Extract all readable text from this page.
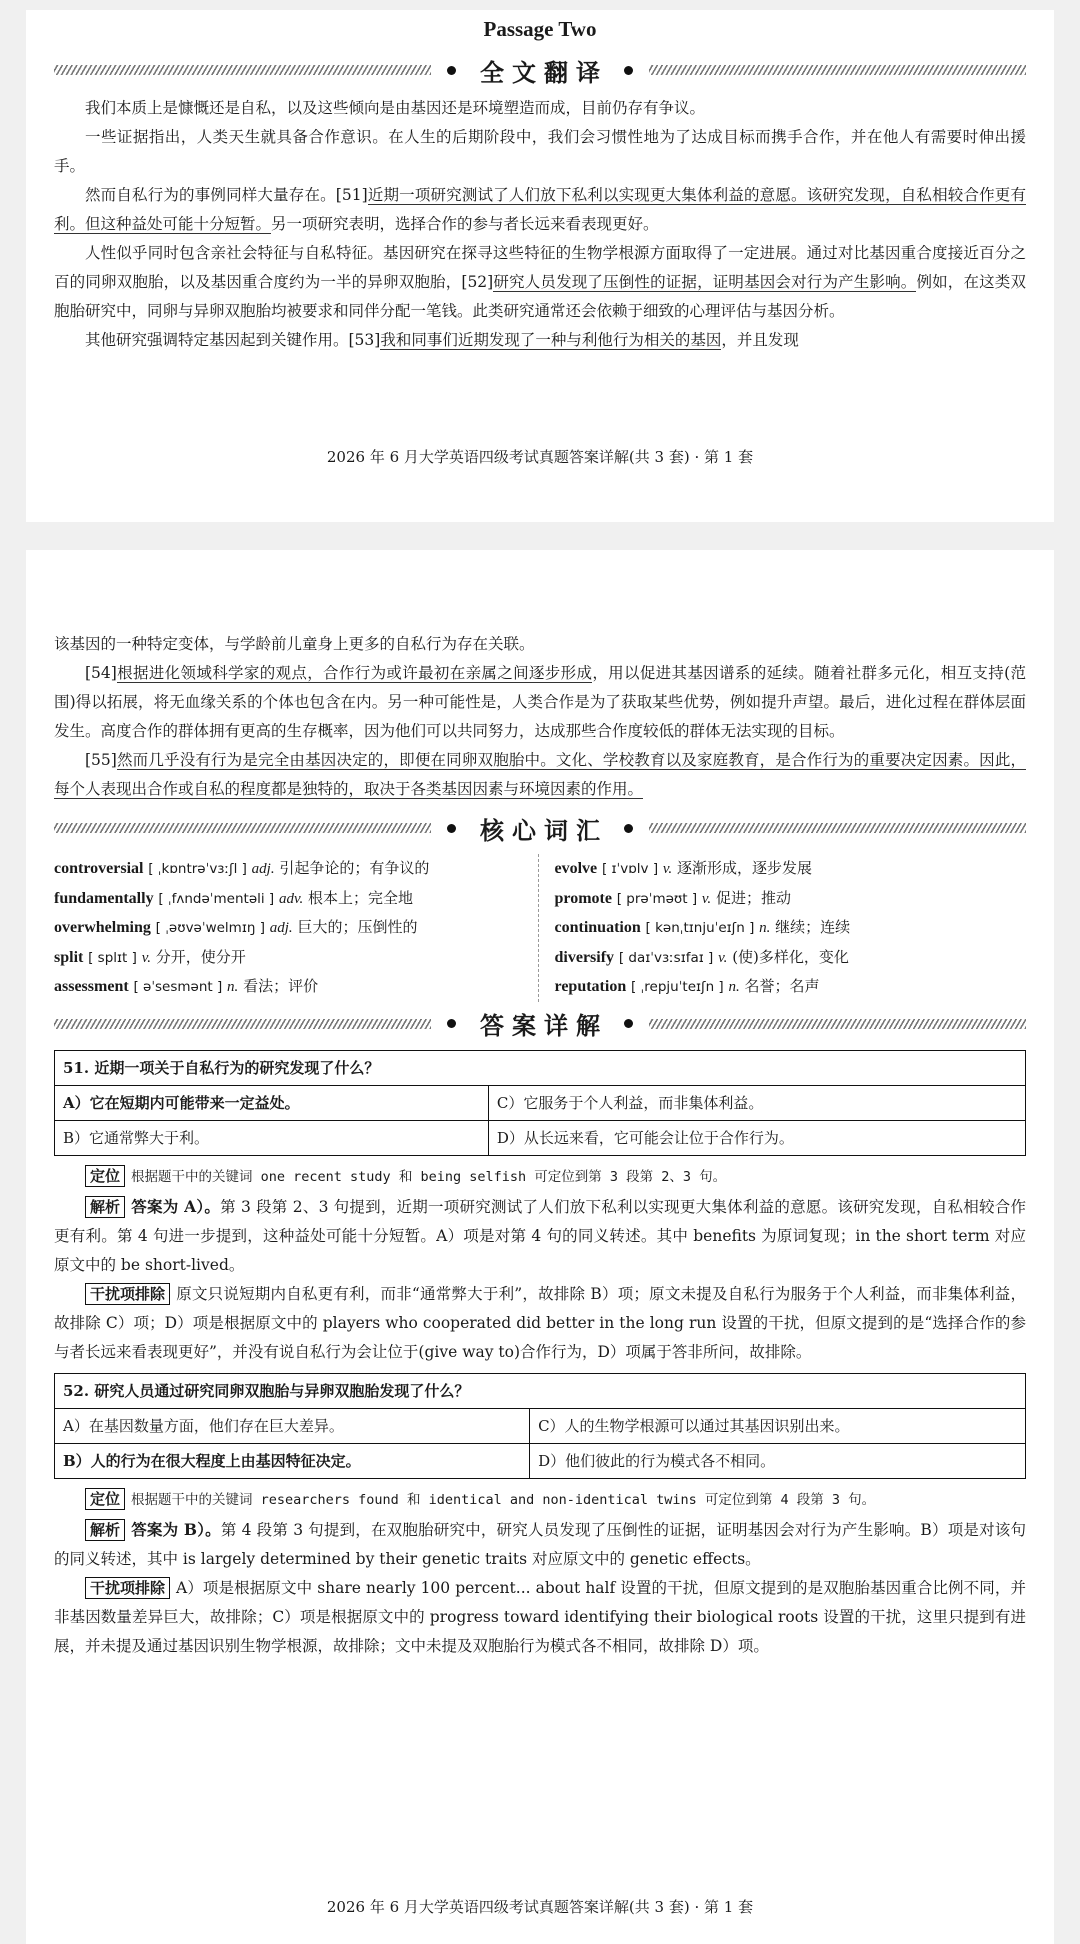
Passage Two
全文翻译

我们本质上是慷慨还是自私，以及这些倾向是由基因还是环境塑造而成，目前仍存有争议。

一些证据指出，人类天生就具备合作意识。在人生的后期阶段中，我们会习惯性地为了达成目标而携手合作，并在他人有需要时伸出援手。

然而自私行为的事例同样大量存在。[51]近期一项研究测试了人们放下私利以实现更大集体利益的意愿。该研究发现，自私相较合作更有利。但这种益处可能十分短暂。另一项研究表明，选择合作的参与者长远来看表现更好。

人性似乎同时包含亲社会特征与自私特征。基因研究在探寻这些特征的生物学根源方面取得了一定进展。通过对比基因重合度接近百分之百的同卵双胞胎，以及基因重合度约为一半的异卵双胞胎，[52]研究人员发现了压倒性的证据，证明基因会对行为产生影响。例如，在这类双胞胎研究中，同卵与异卵双胞胎均被要求和同伴分配一笔钱。此类研究通常还会依赖于细致的心理评估与基因分析。

其他研究强调特定基因起到关键作用。[53]我和同事们近期发现了一种与利他行为相关的基因，并且发现

2026 年 6 月大学英语四级考试真题答案详解(共 3 套) · 第 1 套

该基因的一种特定变体，与学龄前儿童身上更多的自私行为存在关联。

[54]根据进化领域科学家的观点，合作行为或许最初在亲属之间逐步形成，用以促进其基因谱系的延续。随着社群多元化，相互支持(范围)得以拓展，将无血缘关系的个体也包含在内。另一种可能性是，人类合作是为了获取某些优势，例如提升声望。最后，进化过程在群体层面发生。高度合作的群体拥有更高的生存概率，因为他们可以共同努力，达成那些合作度较低的群体无法实现的目标。

[55]然而几乎没有行为是完全由基因决定的，即便在同卵双胞胎中。文化、学校教育以及家庭教育，是合作行为的重要决定因素。因此，每个人表现出合作或自私的程度都是独特的，取决于各类基因因素与环境因素的作用。

核心词汇
controversial [ ˌkɒntrəˈvɜːʃl ] adj. 引起争论的；有争议的
fundamentally [ ˌfʌndəˈmentəli ] adv. 根本上；完全地
overwhelming [ ˌəʊvəˈwelmɪŋ ] adj. 巨大的；压倒性的
split [ splɪt ] v. 分开，使分开
assessment [ əˈsesmənt ] n. 看法；评价
evolve [ ɪˈvɒlv ] v. 逐渐形成，逐步发展
promote [ prəˈməʊt ] v. 促进；推动
continuation [ kənˌtɪnjuˈeɪʃn ] n. 继续；连续
diversify [ daɪˈvɜːsɪfaɪ ] v. (使)多样化，变化
reputation [ ˌrepjuˈteɪʃn ] n. 名誉；名声
答案详解
51. 近期一项关于自私行为的研究发现了什么？	
A）它在短期内可能带来一定益处。	C）它服务于个人利益，而非集体利益。
B）它通常弊大于利。	D）从长远来看，它可能会让位于合作行为。

定位 根据题干中的关键词 one recent study 和 being selfish 可定位到第 3 段第 2、3 句。

解析 答案为 A）。第 3 段第 2、3 句提到，近期一项研究测试了人们放下私利以实现更大集体利益的意愿。该研究发现，自私相较合作更有利。第 4 句进一步提到，这种益处可能十分短暂。A）项是对第 4 句的同义转述。其中 benefits 为原词复现；in the short term 对应原文中的 be short-lived。

干扰项排除 原文只说短期内自私更有利，而非“通常弊大于利”，故排除 B）项；原文未提及自私行为服务于个人利益，而非集体利益，故排除 C）项；D）项是根据原文中的 players who cooperated did better in the long run 设置的干扰，但原文提到的是“选择合作的参与者长远来看表现更好”，并没有说自私行为会让位于(give way to)合作行为，D）项属于答非所问，故排除。

52. 研究人员通过研究同卵双胞胎与异卵双胞胎发现了什么？	
A）在基因数量方面，他们存在巨大差异。	C）人的生物学根源可以通过其基因识别出来。
B）人的行为在很大程度上由基因特征决定。	D）他们彼此的行为模式各不相同。

定位 根据题干中的关键词 researchers found 和 identical and non-identical twins 可定位到第 4 段第 3 句。

解析 答案为 B）。第 4 段第 3 句提到，在双胞胎研究中，研究人员发现了压倒性的证据，证明基因会对行为产生影响。B）项是对该句的同义转述，其中 is largely determined by their genetic traits 对应原文中的 genetic effects。

干扰项排除 A）项是根据原文中 share nearly 100 percent... about half 设置的干扰，但原文提到的是双胞胎基因重合比例不同，并非基因数量差异巨大，故排除；C）项是根据原文中的 progress toward identifying their biological roots 设置的干扰，这里只提到有进展，并未提及通过基因识别生物学根源，故排除；文中未提及双胞胎行为模式各不相同，故排除 D）项。

2026 年 6 月大学英语四级考试真题答案详解(共 3 套) · 第 1 套
